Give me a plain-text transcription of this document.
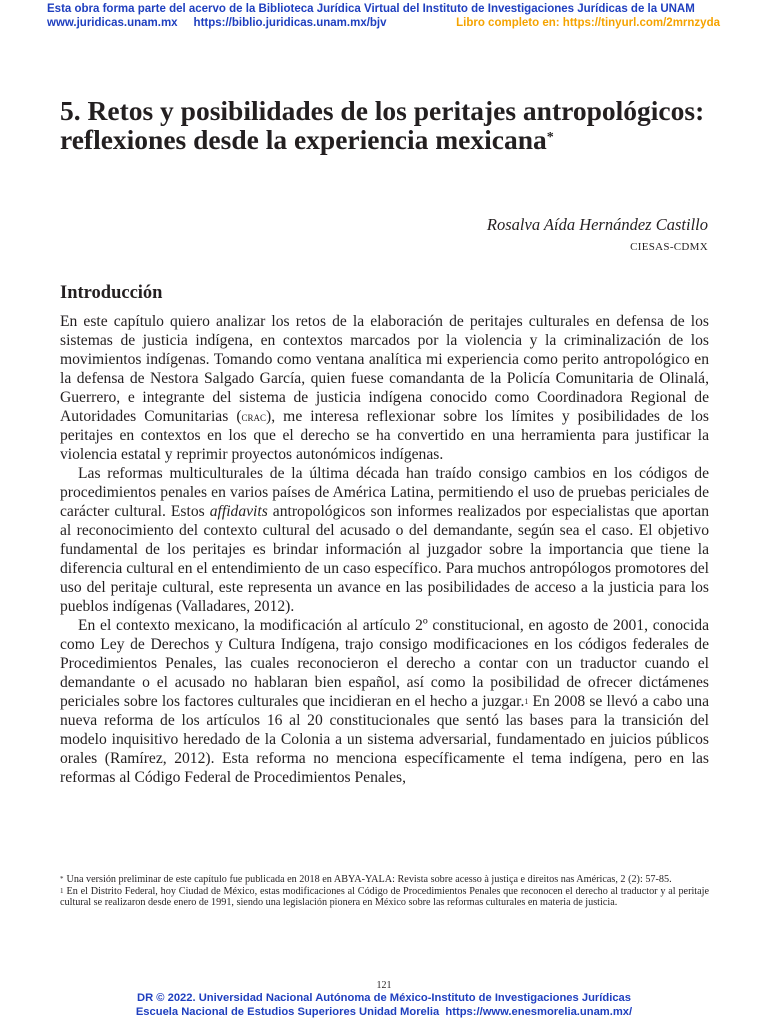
Esta obra forma parte del acervo de la Biblioteca Jurídica Virtual del Instituto de Investigaciones Jurídicas de la UNAM
www.juridicas.unam.mx     https://biblio.juridicas.unam.mx/bjv	Libro completo en: https://tinyurl.com/2mrnzyda
5. Retos y posibilidades de los peritajes antropológicos: reflexiones desde la experiencia mexicana*
Rosalva Aída Hernández Castillo
CIESAS-CDMX
Introducción

En este capítulo quiero analizar los retos de la elaboración de peritajes culturales en defensa de los sistemas de justicia indígena, en contextos marcados por la violencia y la criminalización de los movimientos indígenas. Tomando como ventana analítica mi experiencia como perito antropológico en la defensa de Nestora Salgado García, quien fuese comandanta de la Policía Comunitaria de Olinalá, Guerrero, e integrante del sistema de justicia indígena conocido como Coordinadora Regional de Autoridades Comunitarias (crac), me interesa reflexionar sobre los límites y posibilidades de los peritajes en contextos en los que el derecho se ha convertido en una herramienta para justificar la violencia estatal y reprimir proyectos autonómicos indígenas.

Las reformas multiculturales de la última década han traído consigo cambios en los códigos de procedimientos penales en varios países de América Latina, permitiendo el uso de pruebas periciales de carácter cultural. Estos affidavits antropológicos son informes realizados por especialistas que aportan al reconocimiento del contexto cultural del acusado o del demandante, según sea el caso. El objetivo fundamental de los peritajes es brindar información al juzgador sobre la importancia que tiene la diferencia cultural en el entendimiento de un caso específico. Para muchos antropólogos promotores del uso del peritaje cultural, este representa un avance en las posibilidades de acceso a la justicia para los pueblos indígenas (Valladares, 2012).

En el contexto mexicano, la modificación al artículo 2º constitucional, en agosto de 2001, conocida como Ley de Derechos y Cultura Indígena, trajo consigo modificaciones en los códigos federales de Procedimientos Penales, las cuales reconocieron el derecho a contar con un traductor cuando el demandante o el acusado no hablaran bien español, así como la posibilidad de ofrecer dictámenes periciales sobre los factores culturales que incidieran en el hecho a juzgar.$^1$ En 2008 se llevó a cabo una nueva reforma de los artículos 16 al 20 constitucionales que sentó las bases para la transición del modelo inquisitivo heredado de la Colonia a un sistema adversarial, fundamentado en juicios públicos orales (Ramírez, 2012). Esta reforma no menciona específicamente el tema indígena, pero en las reformas al Código Federal de Procedimientos Penales,

* Una versión preliminar de este capítulo fue publicada en 2018 en ABYA-YALA: Revista sobre acesso à justiça e direitos nas Américas, 2 (2): 57-85.

$^1$ En el Distrito Federal, hoy Ciudad de México, estas modificaciones al Código de Procedimientos Penales que reconocen el derecho al traductor y al peritaje cultural se realizaron desde enero de 1991, siendo una legislación pionera en México sobre las reformas culturales en materia de justicia.

121
DR © 2022. Universidad Nacional Autónoma de México-Instituto de Investigaciones Jurídicas
Escuela Nacional de Estudios Superiores Unidad Morelia  https://www.enesmorelia.unam.mx/
